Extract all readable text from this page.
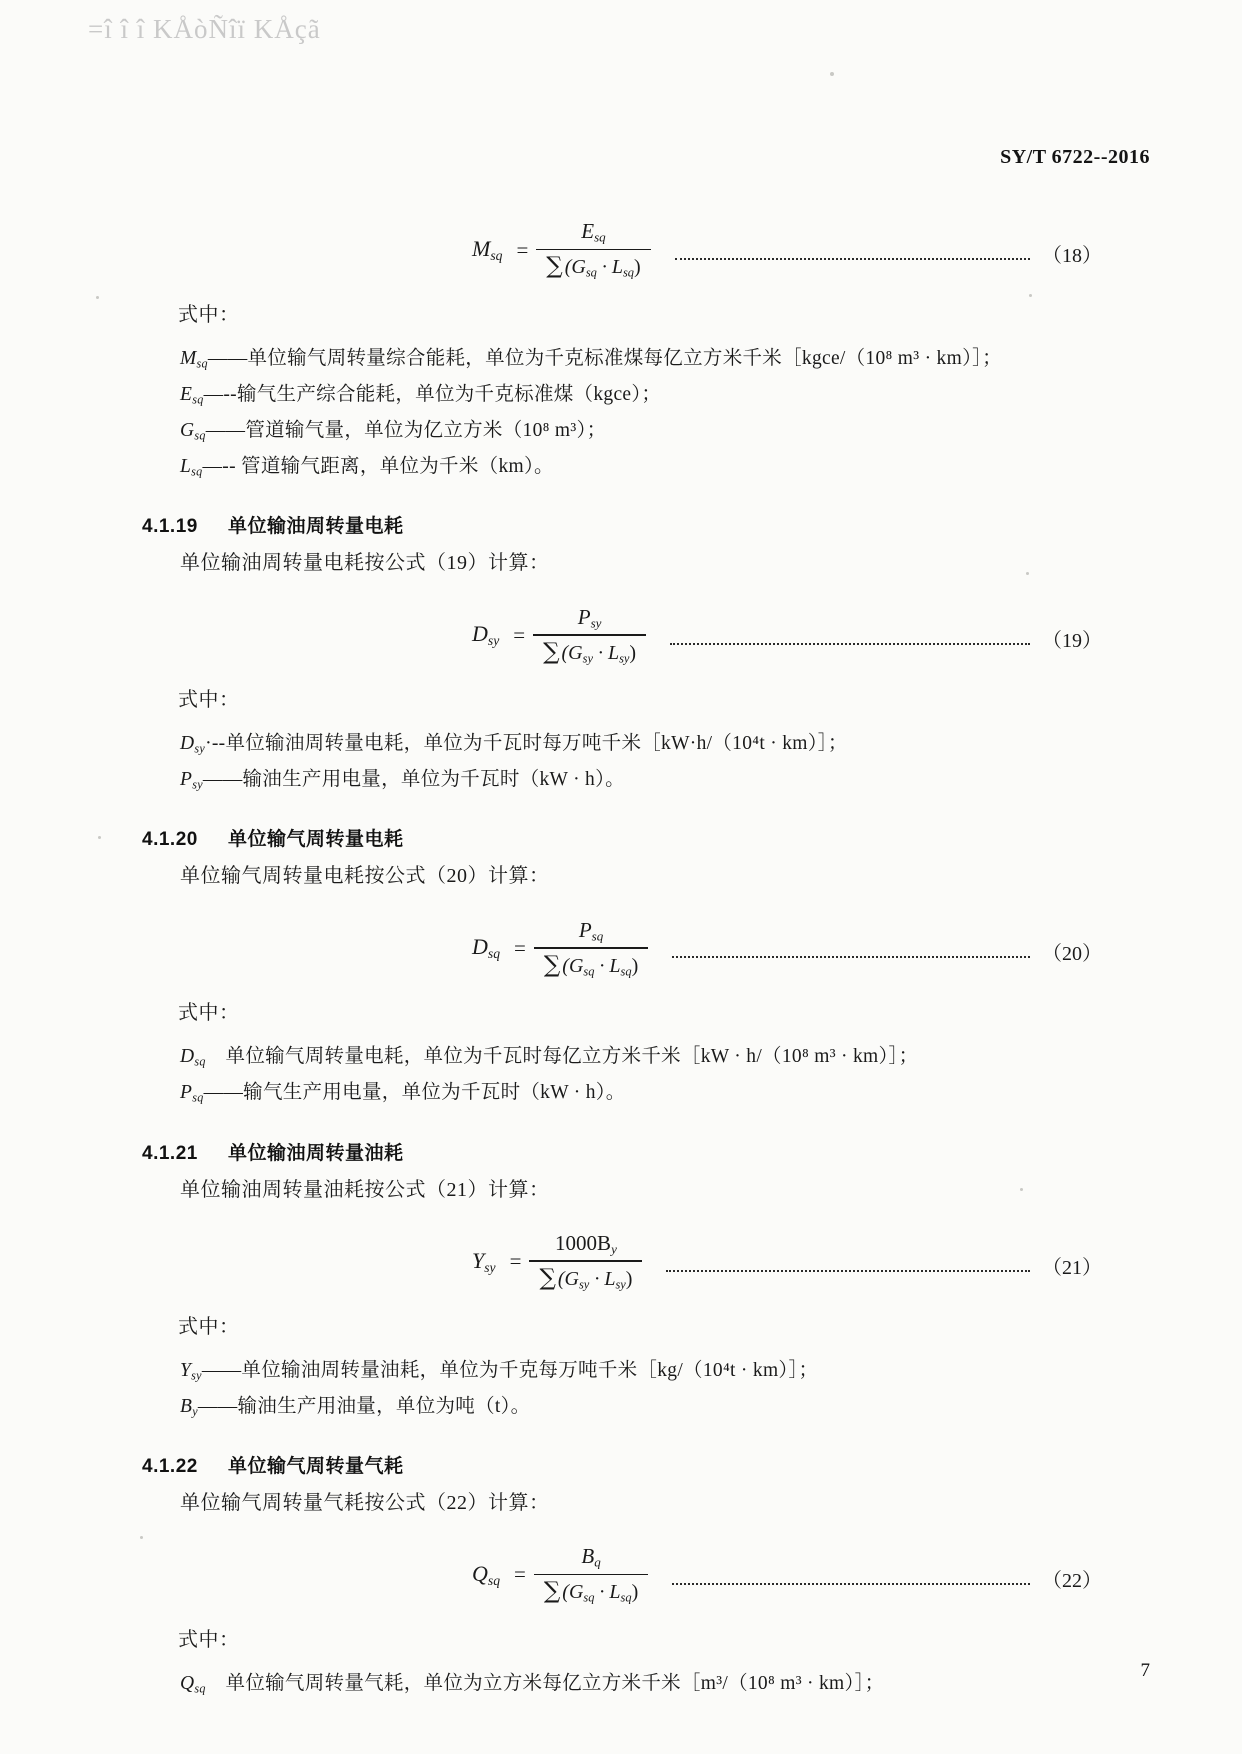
=î î î KÅòÑîï KÅçã
SY/T 6722--2016
$M_{sq} = \frac{E_{sq}}{\sum (G_{sq} \cdot L_{sq})}$	（18）
式中：
$M_{sq}——$单位输气周转量综合能耗，单位为千克标准煤每亿立方米千米［kgce/（10⁸ m³ · km）］；
$E_{sq}—--$输气生产综合能耗，单位为千克标准煤（kgce）；
$G_{sq}——$管道输气量，单位为亿立方米（10⁸ m³）；
$L_{sq}—--$ 管道输气距离，单位为千米（km）。
4.1.19 单位输油周转量电耗
单位输油周转量电耗按公式（19）计算：
$D_{sy} = \frac{P_{sy}}{\sum (G_{sy} \cdot L_{sy})}$	（19）
式中：
$D_{sy}\cdot--$单位输油周转量电耗，单位为千瓦时每万吨千米［kW·h/（10⁴t · km）］；
$P_{sy}——$输油生产用电量，单位为千瓦时（kW · h）。
4.1.20 单位输气周转量电耗
单位输气周转量电耗按公式（20）计算：
$D_{sq} = \frac{P_{sq}}{\sum (G_{sq} \cdot L_{sq})}$	（20）
式中：
$D_{sq}$　单位输气周转量电耗，单位为千瓦时每亿立方米千米［kW · h/（10⁸ m³ · km）］；
$P_{sq}——$输气生产用电量，单位为千瓦时（kW · h）。
4.1.21 单位输油周转量油耗
单位输油周转量油耗按公式（21）计算：
$Y_{sy} = \frac{1000B_y}{\sum (G_{sy} \cdot L_{sy})}$	（21）
式中：
$Y_{sy}——$单位输油周转量油耗，单位为千克每万吨千米［kg/（10⁴t · km）］；
$B_y——$输油生产用油量，单位为吨（t）。
4.1.22 单位输气周转量气耗
单位输气周转量气耗按公式（22）计算：
$Q_{sq} = \frac{B_q}{\sum (G_{sq} \cdot L_{sq})}$	（22）
式中：
$Q_{sq}$　单位输气周转量气耗，单位为立方米每亿立方米千米［m³/（10⁸ m³ · km）］；
7
